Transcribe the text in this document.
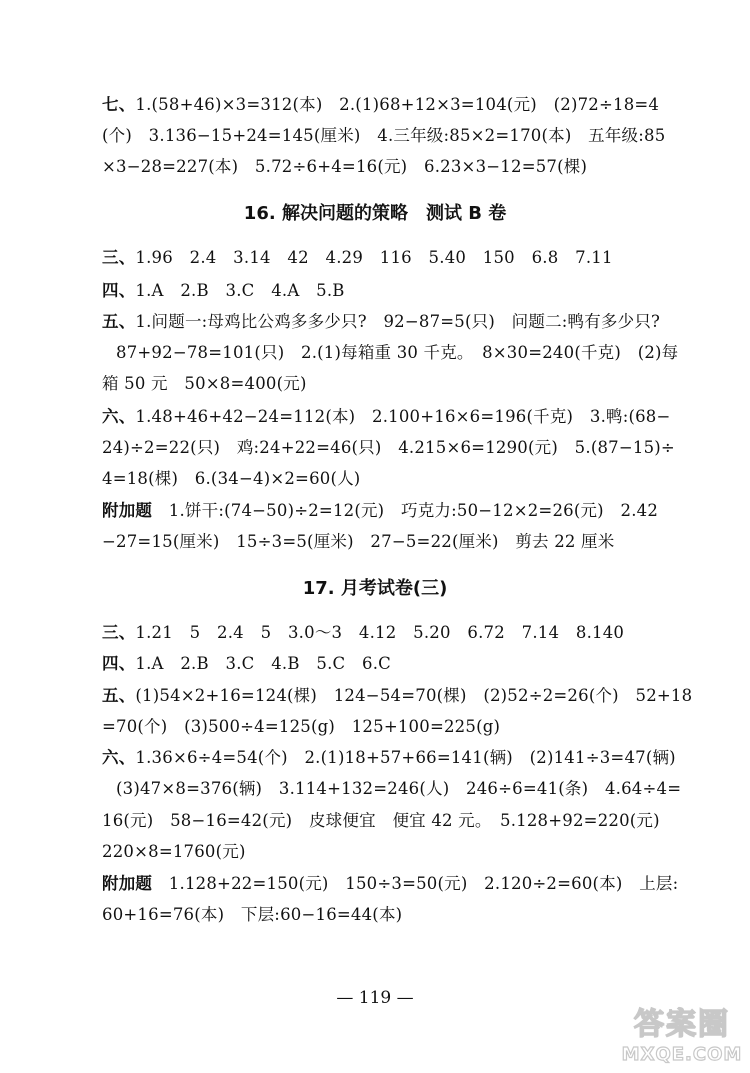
七、1.(58+46)×3=312(本)　2.(1)68+12×3=104(元)　(2)72÷18=4
(个)　3.136−15+24=145(厘米)　4.三年级:85×2=170(本)　五年级:85
×3−28=227(本)　5.72÷6+4=16(元)　6.23×3−12=57(棵)
16. 解决问题的策略　测试 B 卷
三、1.96　2.4　3.14　42　4.29　116　5.40　150　6.8　7.11
四、1.A　2.B　3.C　4.A　5.B
五、1.问题一:母鸡比公鸡多多少只?　92−87=5(只)　问题二:鸭有多少只?
87+92−78=101(只)　2.(1)每箱重 30 千克。　8×30=240(千克)　(2)每
箱 50 元　50×8=400(元)
六、1.48+46+42−24=112(本)　2.100+16×6=196(千克)　3.鸭:(68−
24)÷2=22(只)　鸡:24+22=46(只)　4.215×6=1290(元)　5.(87−15)÷
4=18(棵)　6.(34−4)×2=60(人)
附加题　1.饼干:(74−50)÷2=12(元)　巧克力:50−12×2=26(元)　2.42
−27=15(厘米)　15÷3=5(厘米)　27−5=22(厘米)　剪去 22 厘米
17. 月考试卷(三)
三、1.21　5　2.4　5　3.0～3　4.12　5.20　6.72　7.14　8.140
四、1.A　2.B　3.C　4.B　5.C　6.C
五、(1)54×2+16=124(棵)　124−54=70(棵)　(2)52÷2=26(个)　52+18
=70(个)　(3)500÷4=125(g)　125+100=225(g)
六、1.36×6÷4=54(个)　2.(1)18+57+66=141(辆)　(2)141÷3=47(辆)
(3)47×8=376(辆)　3.114+132=246(人)　246÷6=41(条)　4.64÷4=
16(元)　58−16=42(元)　皮球便宜　便宜 42 元。　5.128+92=220(元)
220×8=1760(元)
附加题　1.128+22=150(元)　150÷3=50(元)　2.120÷2=60(本)　上层:
60+16=76(本)　下层:60−16=44(本)
— 119 —
答案圈
MXQE.COM
